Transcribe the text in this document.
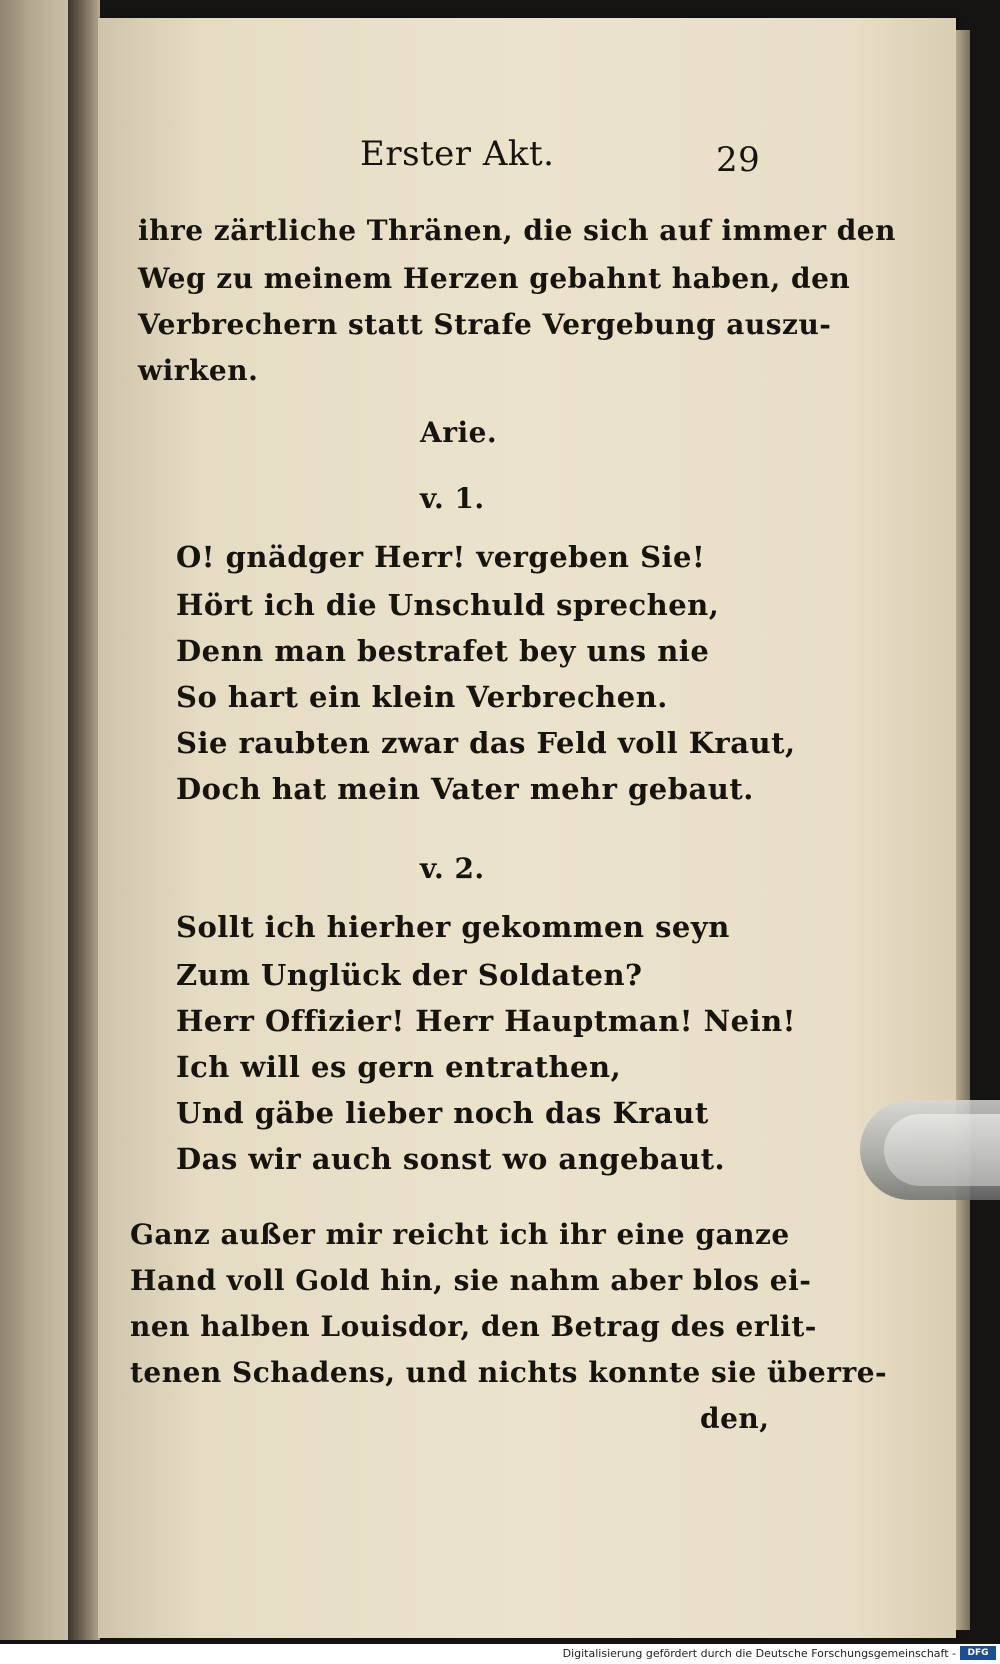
Erster Akt.	29
ihre zärtliche Thränen, die sich auf immer den
Weg zu meinem Herzen gebahnt haben, den
Verbrechern statt Strafe Vergebung auszu-
wirken.
Arie.
v. 1.
O! gnädger Herr! vergeben Sie!
Hört ich die Unschuld sprechen,
Denn man bestrafet bey uns nie
So hart ein klein Verbrechen.
Sie raubten zwar das Feld voll Kraut,
Doch hat mein Vater mehr gebaut.
v. 2.
Sollt ich hierher gekommen seyn
Zum Unglück der Soldaten?
Herr Offizier! Herr Hauptman! Nein!
Ich will es gern entrathen,
Und gäbe lieber noch das Kraut
Das wir auch sonst wo angebaut.
Ganz außer mir reicht ich ihr eine ganze
Hand voll Gold hin, sie nahm aber blos ei-
nen halben Louisdor, den Betrag des erlit-
tenen Schadens, und nichts konnte sie überre-
den,
Digitalisierung gefördert durch die Deutsche Forschungsgemeinschaft -	DFG
